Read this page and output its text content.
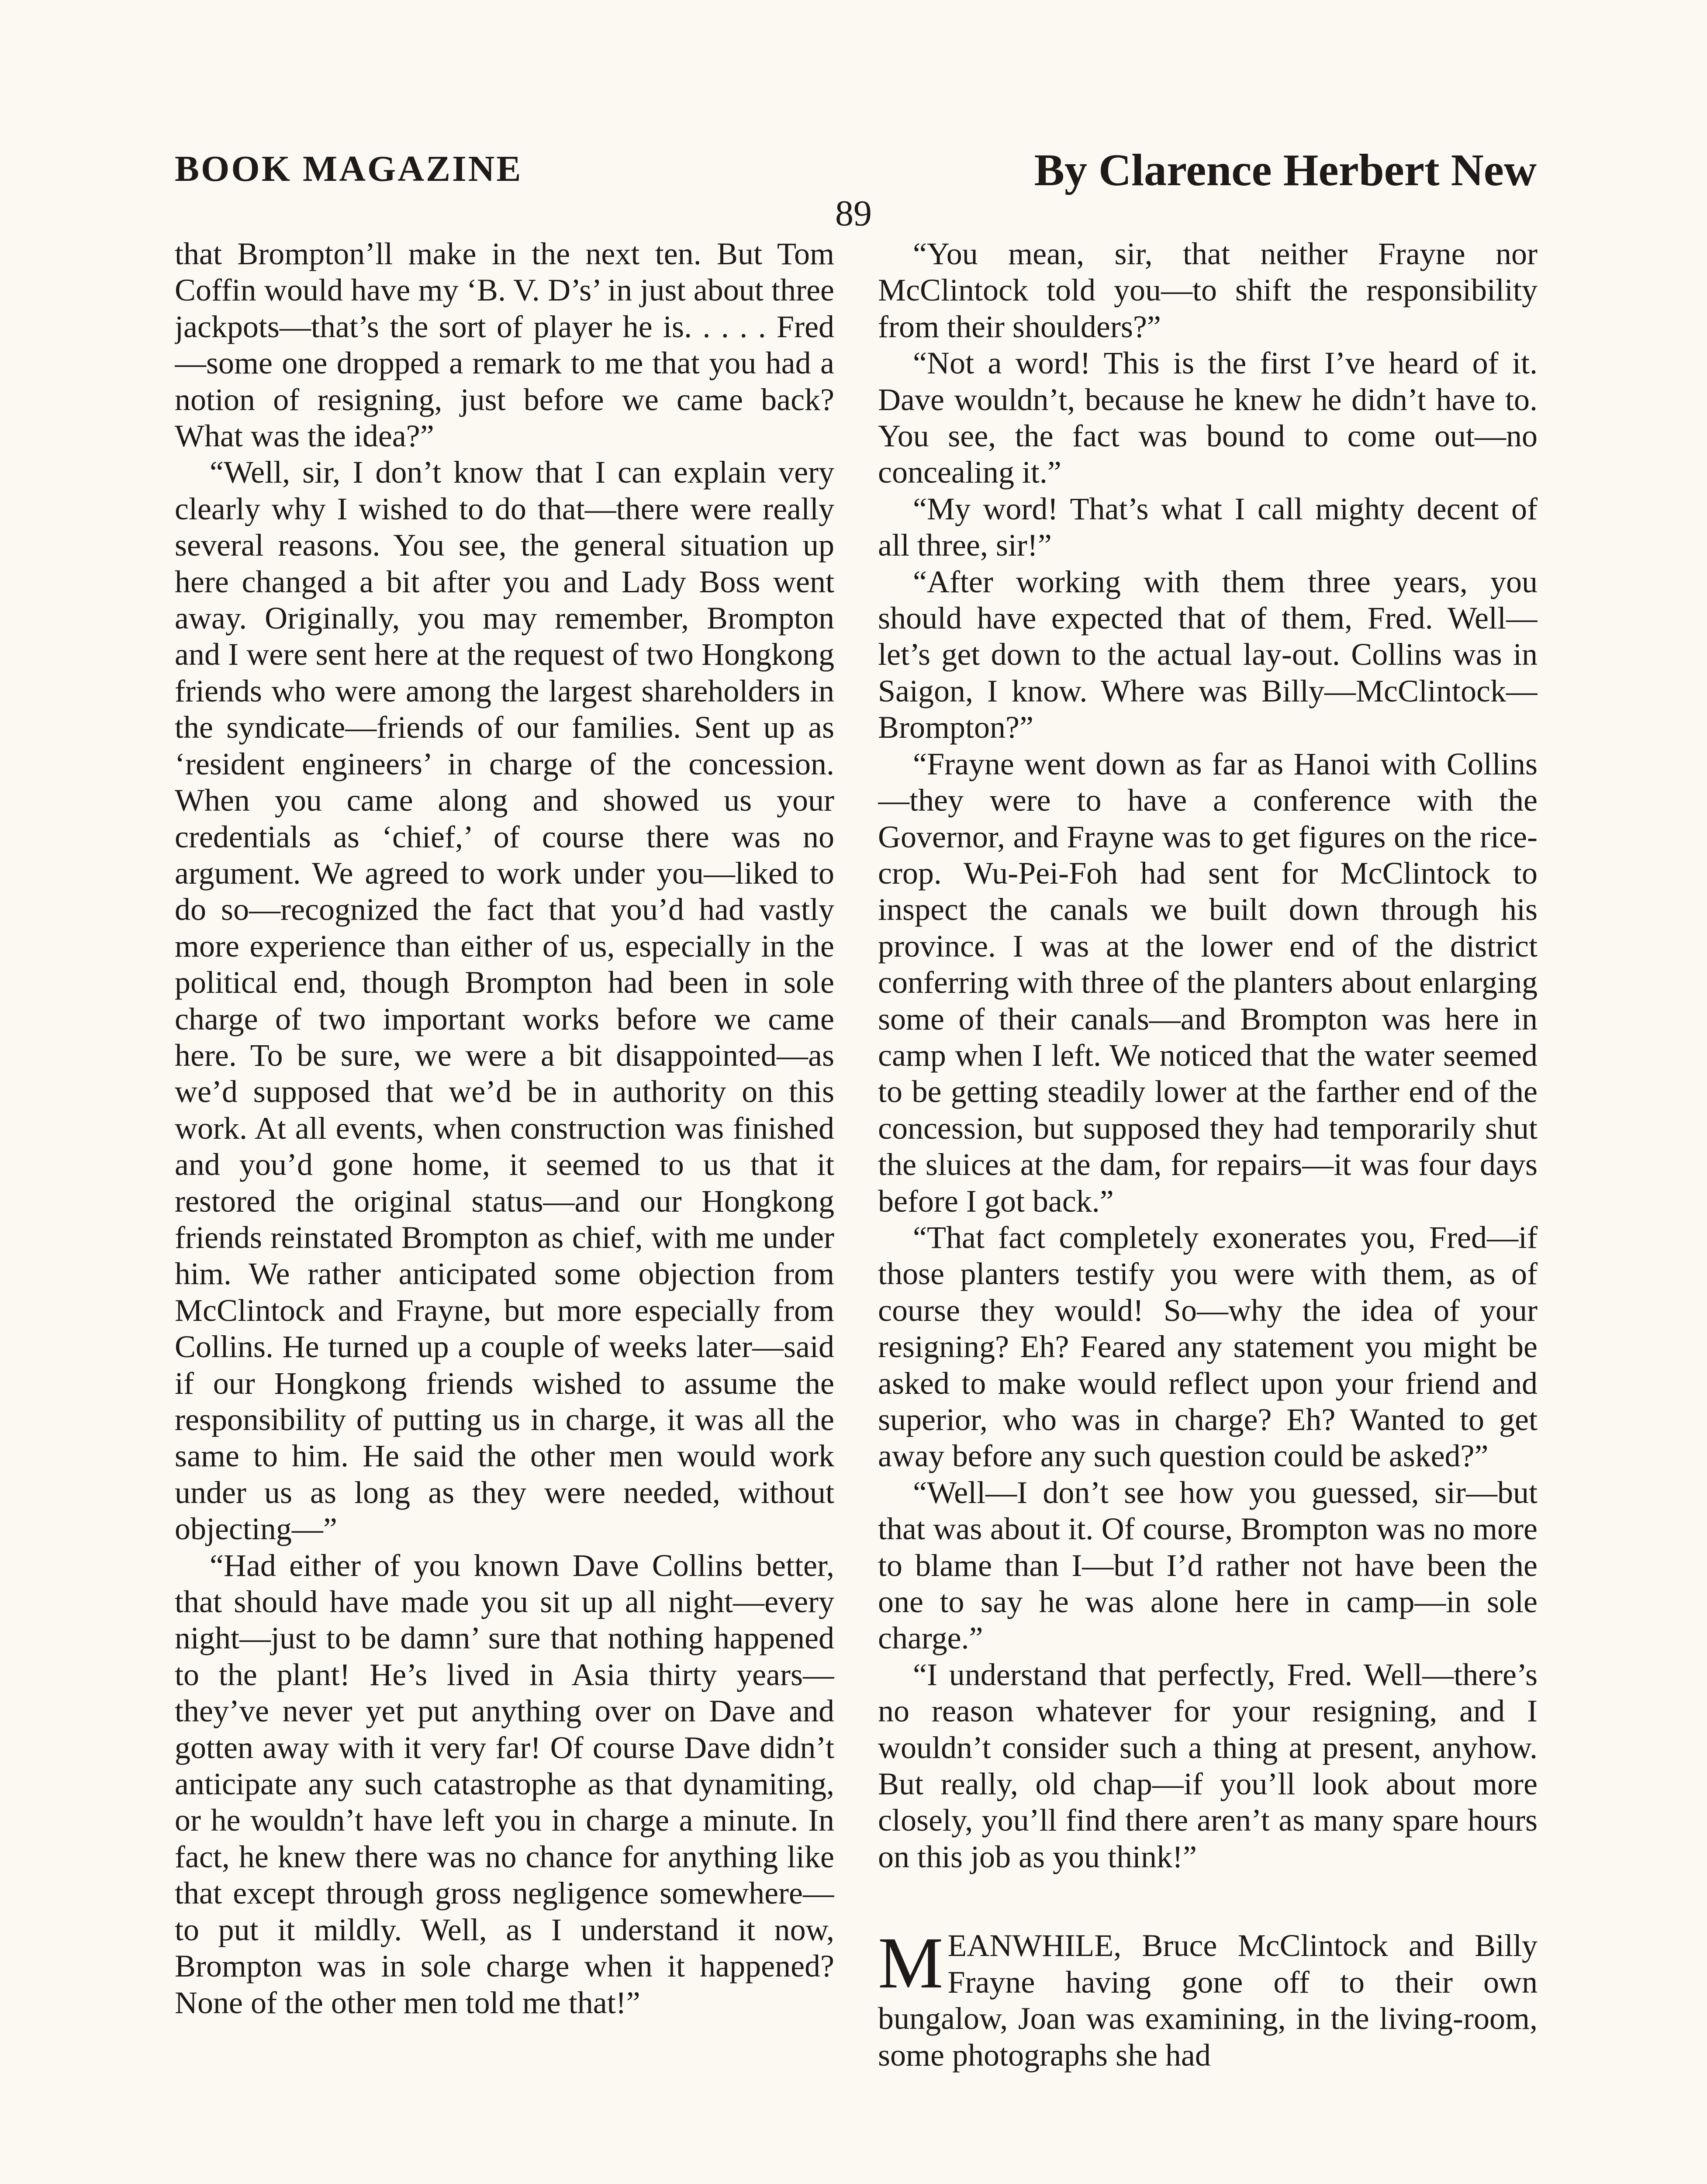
BOOK MAGAZINE	By Clarence Herbert New
89

that Brompton’ll make in the next ten. But Tom Coffin would have my ‘B. V. D’s’ in just about three jackpots—that’s the sort of player he is. . . . . Fred—some one dropped a remark to me that you had a notion of resigning, just before we came back? What was the idea?”

“Well, sir, I don’t know that I can explain very clearly why I wished to do that—there were really several reasons. You see, the general situation up here changed a bit after you and Lady Boss went away. Originally, you may remember, Brompton and I were sent here at the request of two Hongkong friends who were among the largest shareholders in the syndicate—friends of our families. Sent up as ‘resident engineers’ in charge of the concession. When you came along and showed us your credentials as ‘chief,’ of course there was no argument. We agreed to work under you—liked to do so—recognized the fact that you’d had vastly more experience than either of us, especially in the political end, though Brompton had been in sole charge of two important works before we came here. To be sure, we were a bit disappointed—as we’d supposed that we’d be in authority on this work. At all events, when construction was finished and you’d gone home, it seemed to us that it restored the original status—and our Hongkong friends reinstated Brompton as chief, with me under him. We rather anticipated some objection from McClintock and Frayne, but more especially from Collins. He turned up a couple of weeks later—said if our Hongkong friends wished to assume the responsibility of putting us in charge, it was all the same to him. He said the other men would work under us as long as they were needed, without objecting—”

“Had either of you known Dave Collins better, that should have made you sit up all night—every night—just to be damn’ sure that nothing happened to the plant! He’s lived in Asia thirty years—they’ve never yet put anything over on Dave and gotten away with it very far! Of course Dave didn’t anticipate any such catastrophe as that dynamiting, or he wouldn’t have left you in charge a minute. In fact, he knew there was no chance for anything like that except through gross negligence somewhere—to put it mildly. Well, as I understand it now, Brompton was in sole charge when it happened? None of the other men told me that!”

“You mean, sir, that neither Frayne nor McClintock told you—to shift the responsibility from their shoulders?”

“Not a word! This is the first I’ve heard of it. Dave wouldn’t, because he knew he didn’t have to. You see, the fact was bound to come out—no concealing it.”

“My word! That’s what I call mighty decent of all three, sir!”

“After working with them three years, you should have expected that of them, Fred. Well—let’s get down to the actual lay-out. Collins was in Saigon, I know. Where was Billy—McClintock—Brompton?”

“Frayne went down as far as Hanoi with Collins—they were to have a conference with the Governor, and Frayne was to get figures on the rice-crop. Wu-Pei-Foh had sent for McClintock to inspect the canals we built down through his province. I was at the lower end of the district conferring with three of the planters about enlarging some of their canals—and Brompton was here in camp when I left. We noticed that the water seemed to be getting steadily lower at the farther end of the concession, but supposed they had temporarily shut the sluices at the dam, for repairs—it was four days before I got back.”

“That fact completely exonerates you, Fred—if those planters testify you were with them, as of course they would! So—why the idea of your resigning? Eh? Feared any statement you might be asked to make would reflect upon your friend and superior, who was in charge? Eh? Wanted to get away before any such question could be asked?”

“Well—I don’t see how you guessed, sir—but that was about it. Of course, Brompton was no more to blame than I—but I’d rather not have been the one to say he was alone here in camp—in sole charge.”

“I understand that perfectly, Fred. Well—there’s no reason whatever for your resigning, and I wouldn’t consider such a thing at present, anyhow. But really, old chap—if you’ll look about more closely, you’ll find there aren’t as many spare hours on this job as you think!”

MEANWHILE, Bruce McClintock and Billy Frayne having gone off to their own bungalow, Joan was examining, in the living-room, some photographs she had
